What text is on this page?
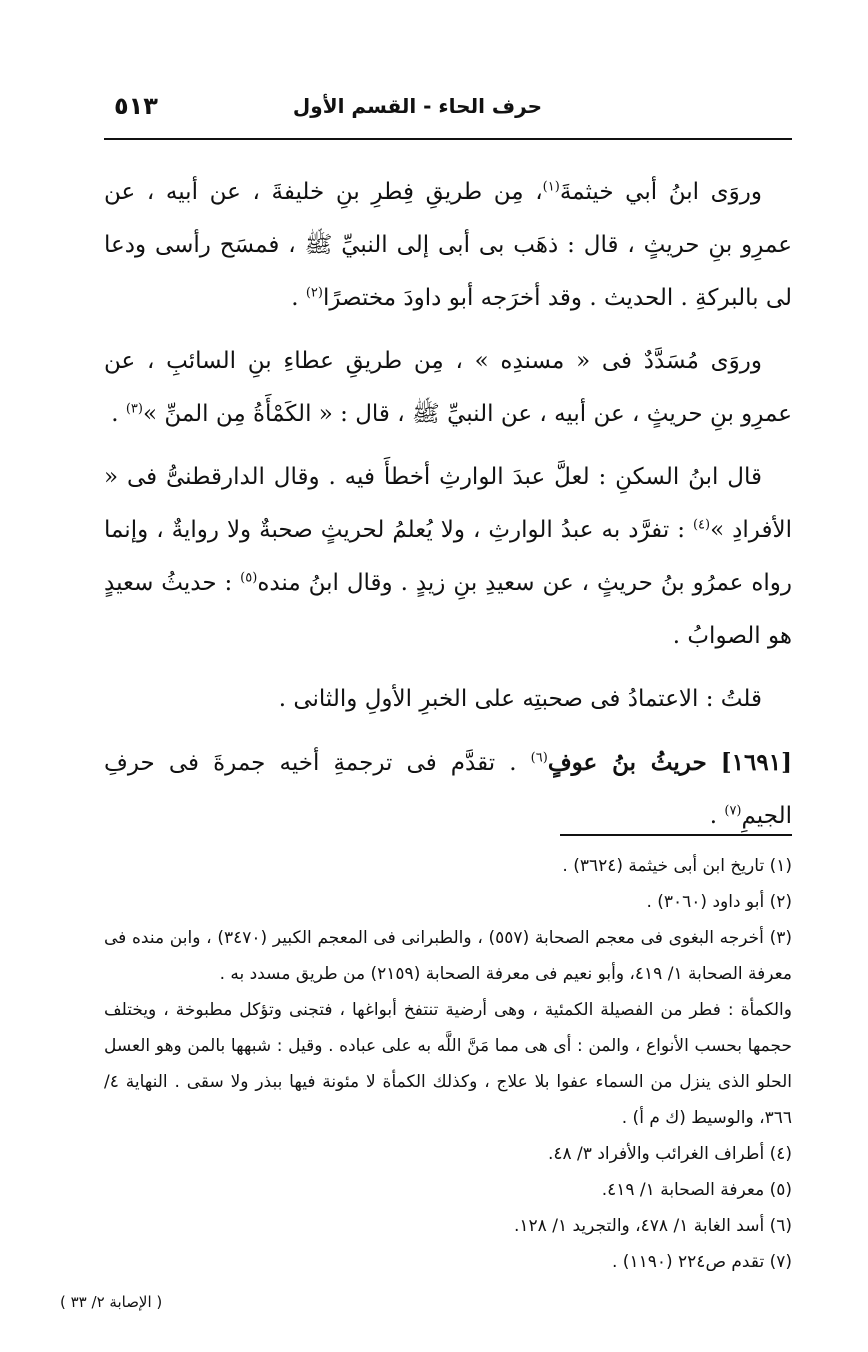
٥١٣	حرف الحاء - القسم الأول

وروَى ابنُ أبي خيثمةَ$^{(١)}$، مِن طريقِ فِطرِ بنِ خليفةَ ، عن أبيه ، عن عمرِو بنِ حريثٍ ، قال : ذهَب بى أبى إلى النبيِّ ﷺ ، فمسَح رأسى ودعا لى بالبركةِ . الحديث . وقد أخرَجه أبو داودَ مختصرًا$^{(٢)}$ .

وروَى مُسَدَّدٌ فى « مسندِه » ، مِن طريقِ عطاءِ بنِ السائبِ ، عن عمرِو بنِ حريثٍ ، عن أبيه ، عن النبيِّ ﷺ ، قال : « الكَمْأَةُ مِن المنِّ »$^{(٣)}$ .

قال ابنُ السكنِ : لعلَّ عبدَ الوارثِ أخطأَ فيه . وقال الدارقطنىُّ فى « الأفرادِ »$^{(٤)}$ : تفرَّد به عبدُ الوارثِ ، ولا يُعلمُ لحريثٍ صحبةٌ ولا روايةٌ ، وإنما رواه عمرُو بنُ حريثٍ ، عن سعيدِ بنِ زيدٍ . وقال ابنُ منده$^{(٥)}$ : حديثُ سعيدٍ هو الصوابُ .

قلتُ : الاعتمادُ فى صحبتِه على الخبرِ الأولِ والثانى .

[١٦٩١] حريثُ بنُ عوفٍ$^{(٦)}$ . تقدَّم فى ترجمةِ أخيه جمرةَ فى حرفِ الجيمِ$^{(٧)}$ .

(١) تاريخ ابن أبى خيثمة (٣٦٢٤) .

(٢) أبو داود (٣٠٦٠) .

(٣) أخرجه البغوى فى معجم الصحابة (٥٥٧) ، والطبرانى فى المعجم الكبير (٣٤٧٠) ، وابن منده فى معرفة الصحابة ١/ ٤١٩، وأبو نعيم فى معرفة الصحابة (٢١٥٩) من طريق مسدد به .

والكمأة : فطر من الفصيلة الكمئية ، وهى أرضية تنتفخ أبواغها ، فتجنى وتؤكل مطبوخة ، ويختلف حجمها بحسب الأنواع ، والمن : أى هى مما مَنَّ اللَّه به على عباده . وقيل : شبهها بالمن وهو العسل الحلو الذى ينزل من السماء عفوا بلا علاج ، وكذلك الكمأة لا مئونة فيها ببذر ولا سقى . النهاية ٤/ ٣٦٦، والوسيط (ك م أ) .

(٤) أطراف الغرائب والأفراد ٣/ ٤٨.

(٥) معرفة الصحابة ١/ ٤١٩.

(٦) أسد الغابة ١/ ٤٧٨، والتجريد ١/ ١٢٨.

(٧) تقدم ص٢٢٤ (١١٩٠) .

( الإصابة ٢/ ٣٣ )
